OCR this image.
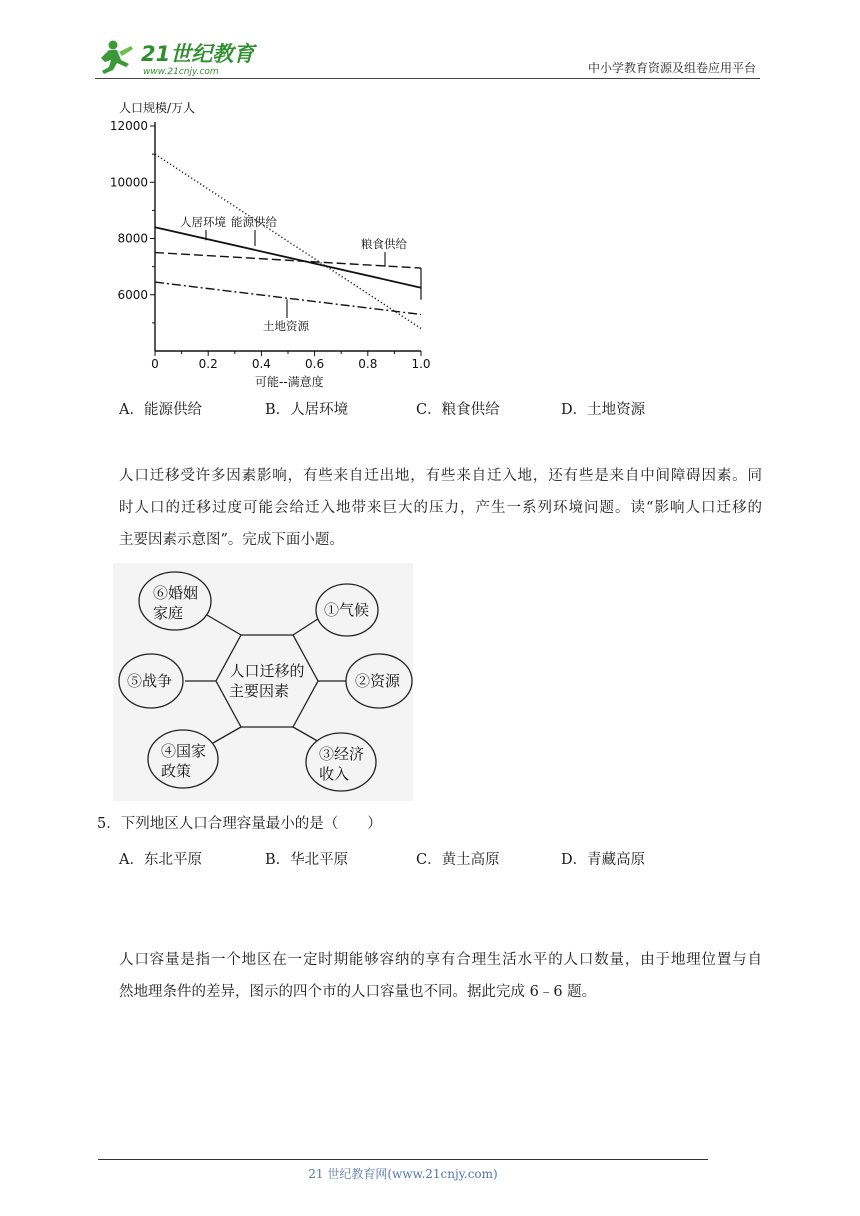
21世纪教育
www.21cnjy.com	中小学教育资源及组卷应用平台
人口规模/万人
可能--满意度
6000
8000
10000
12000
0	0.2	0.4	0.6	0.8	1.0
人居环境 能源供给
粮食供给
土地资源
A．能源供给	B．人居环境	C．粮食供给	D．土地资源
人口迁移受许多因素影响，有些来自迁出地，有些来自迁入地，还有些是来自中间障碍因素。同
时人口的迁移过度可能会给迁入地带来巨大的压力，产生一系列环境问题。读“影响人口迁移的
主要因素示意图”。完成下面小题。
人口迁移的
主要因素
⑥婚姻
家庭	①气候
⑤战争	②资源
④国家
政策
③经济
收入
5．下列地区人口合理容量最小的是（　　）
A．东北平原	B．华北平原	C．黄土高原	D．青藏高原
人口容量是指一个地区在一定时期能够容纳的享有合理生活水平的人口数量，由于地理位置与自
然地理条件的差异，图示的四个市的人口容量也不同。据此完成 6﹣6 题。
21 世纪教育网(www.21cnjy.com)
